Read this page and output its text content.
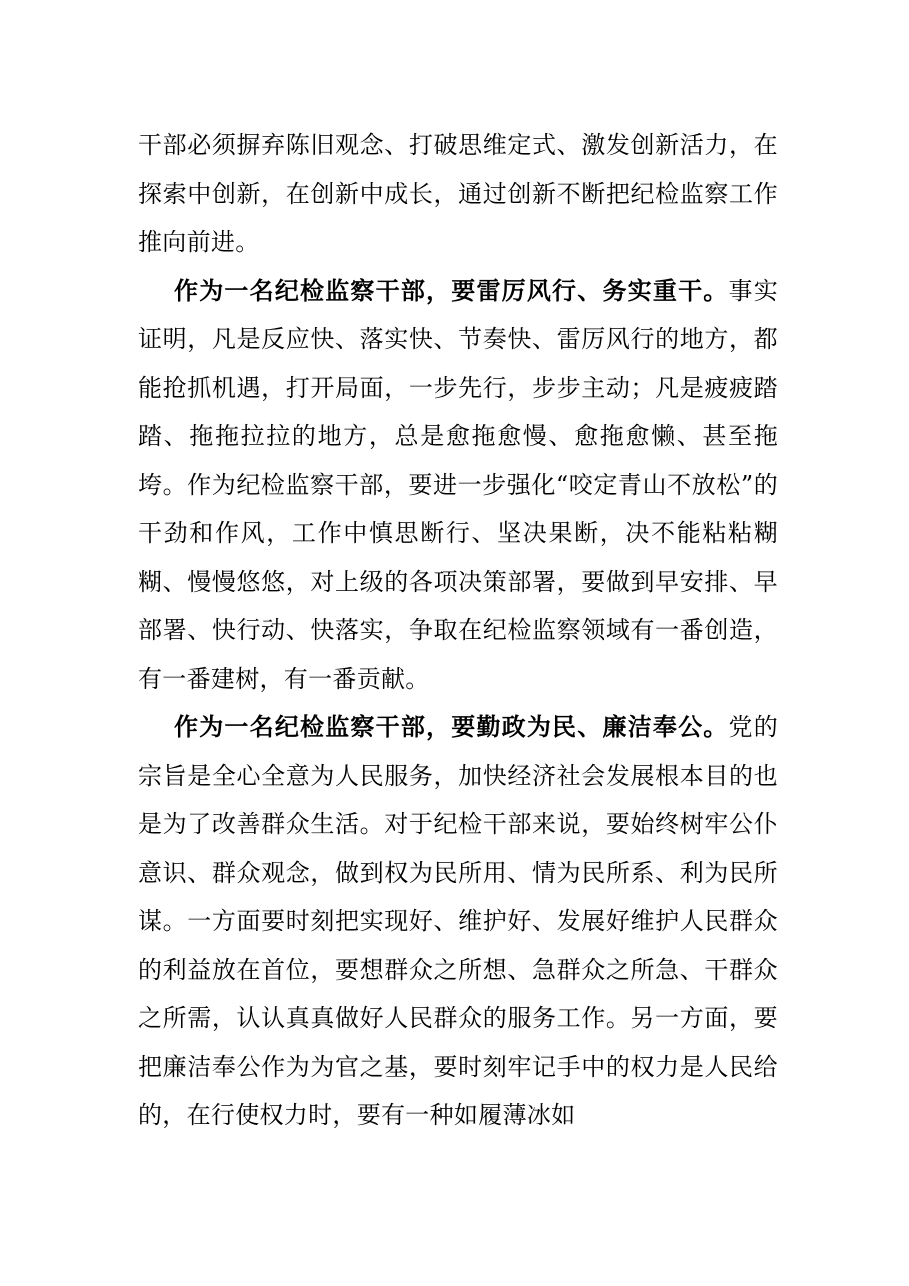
干部必须摒弃陈旧观念、打破思维定式、激发创新活力，在探索中创新，在创新中成长，通过创新不断把纪检监察工作推向前进。

作为一名纪检监察干部，要雷厉风行、务实重干。事实证明，凡是反应快、落实快、节奏快、雷厉风行的地方，都能抢抓机遇，打开局面，一步先行，步步主动；凡是疲疲踏踏、拖拖拉拉的地方，总是愈拖愈慢、愈拖愈懒、甚至拖垮。作为纪检监察干部，要进一步强化“咬定青山不放松”的干劲和作风，工作中慎思断行、坚决果断，决不能粘粘糊糊、慢慢悠悠，对上级的各项决策部署，要做到早安排、早部署、快行动、快落实，争取在纪检监察领域有一番创造，有一番建树，有一番贡献。

作为一名纪检监察干部，要勤政为民、廉洁奉公。党的宗旨是全心全意为人民服务，加快经济社会发展根本目的也是为了改善群众生活。对于纪检干部来说，要始终树牢公仆意识、群众观念，做到权为民所用、情为民所系、利为民所谋。一方面要时刻把实现好、维护好、发展好维护人民群众的利益放在首位，要想群众之所想、急群众之所急、干群众之所需，认认真真做好人民群众的服务工作。另一方面，要把廉洁奉公作为为官之基，要时刻牢记手中的权力是人民给的，在行使权力时，要有一种如履薄冰如
